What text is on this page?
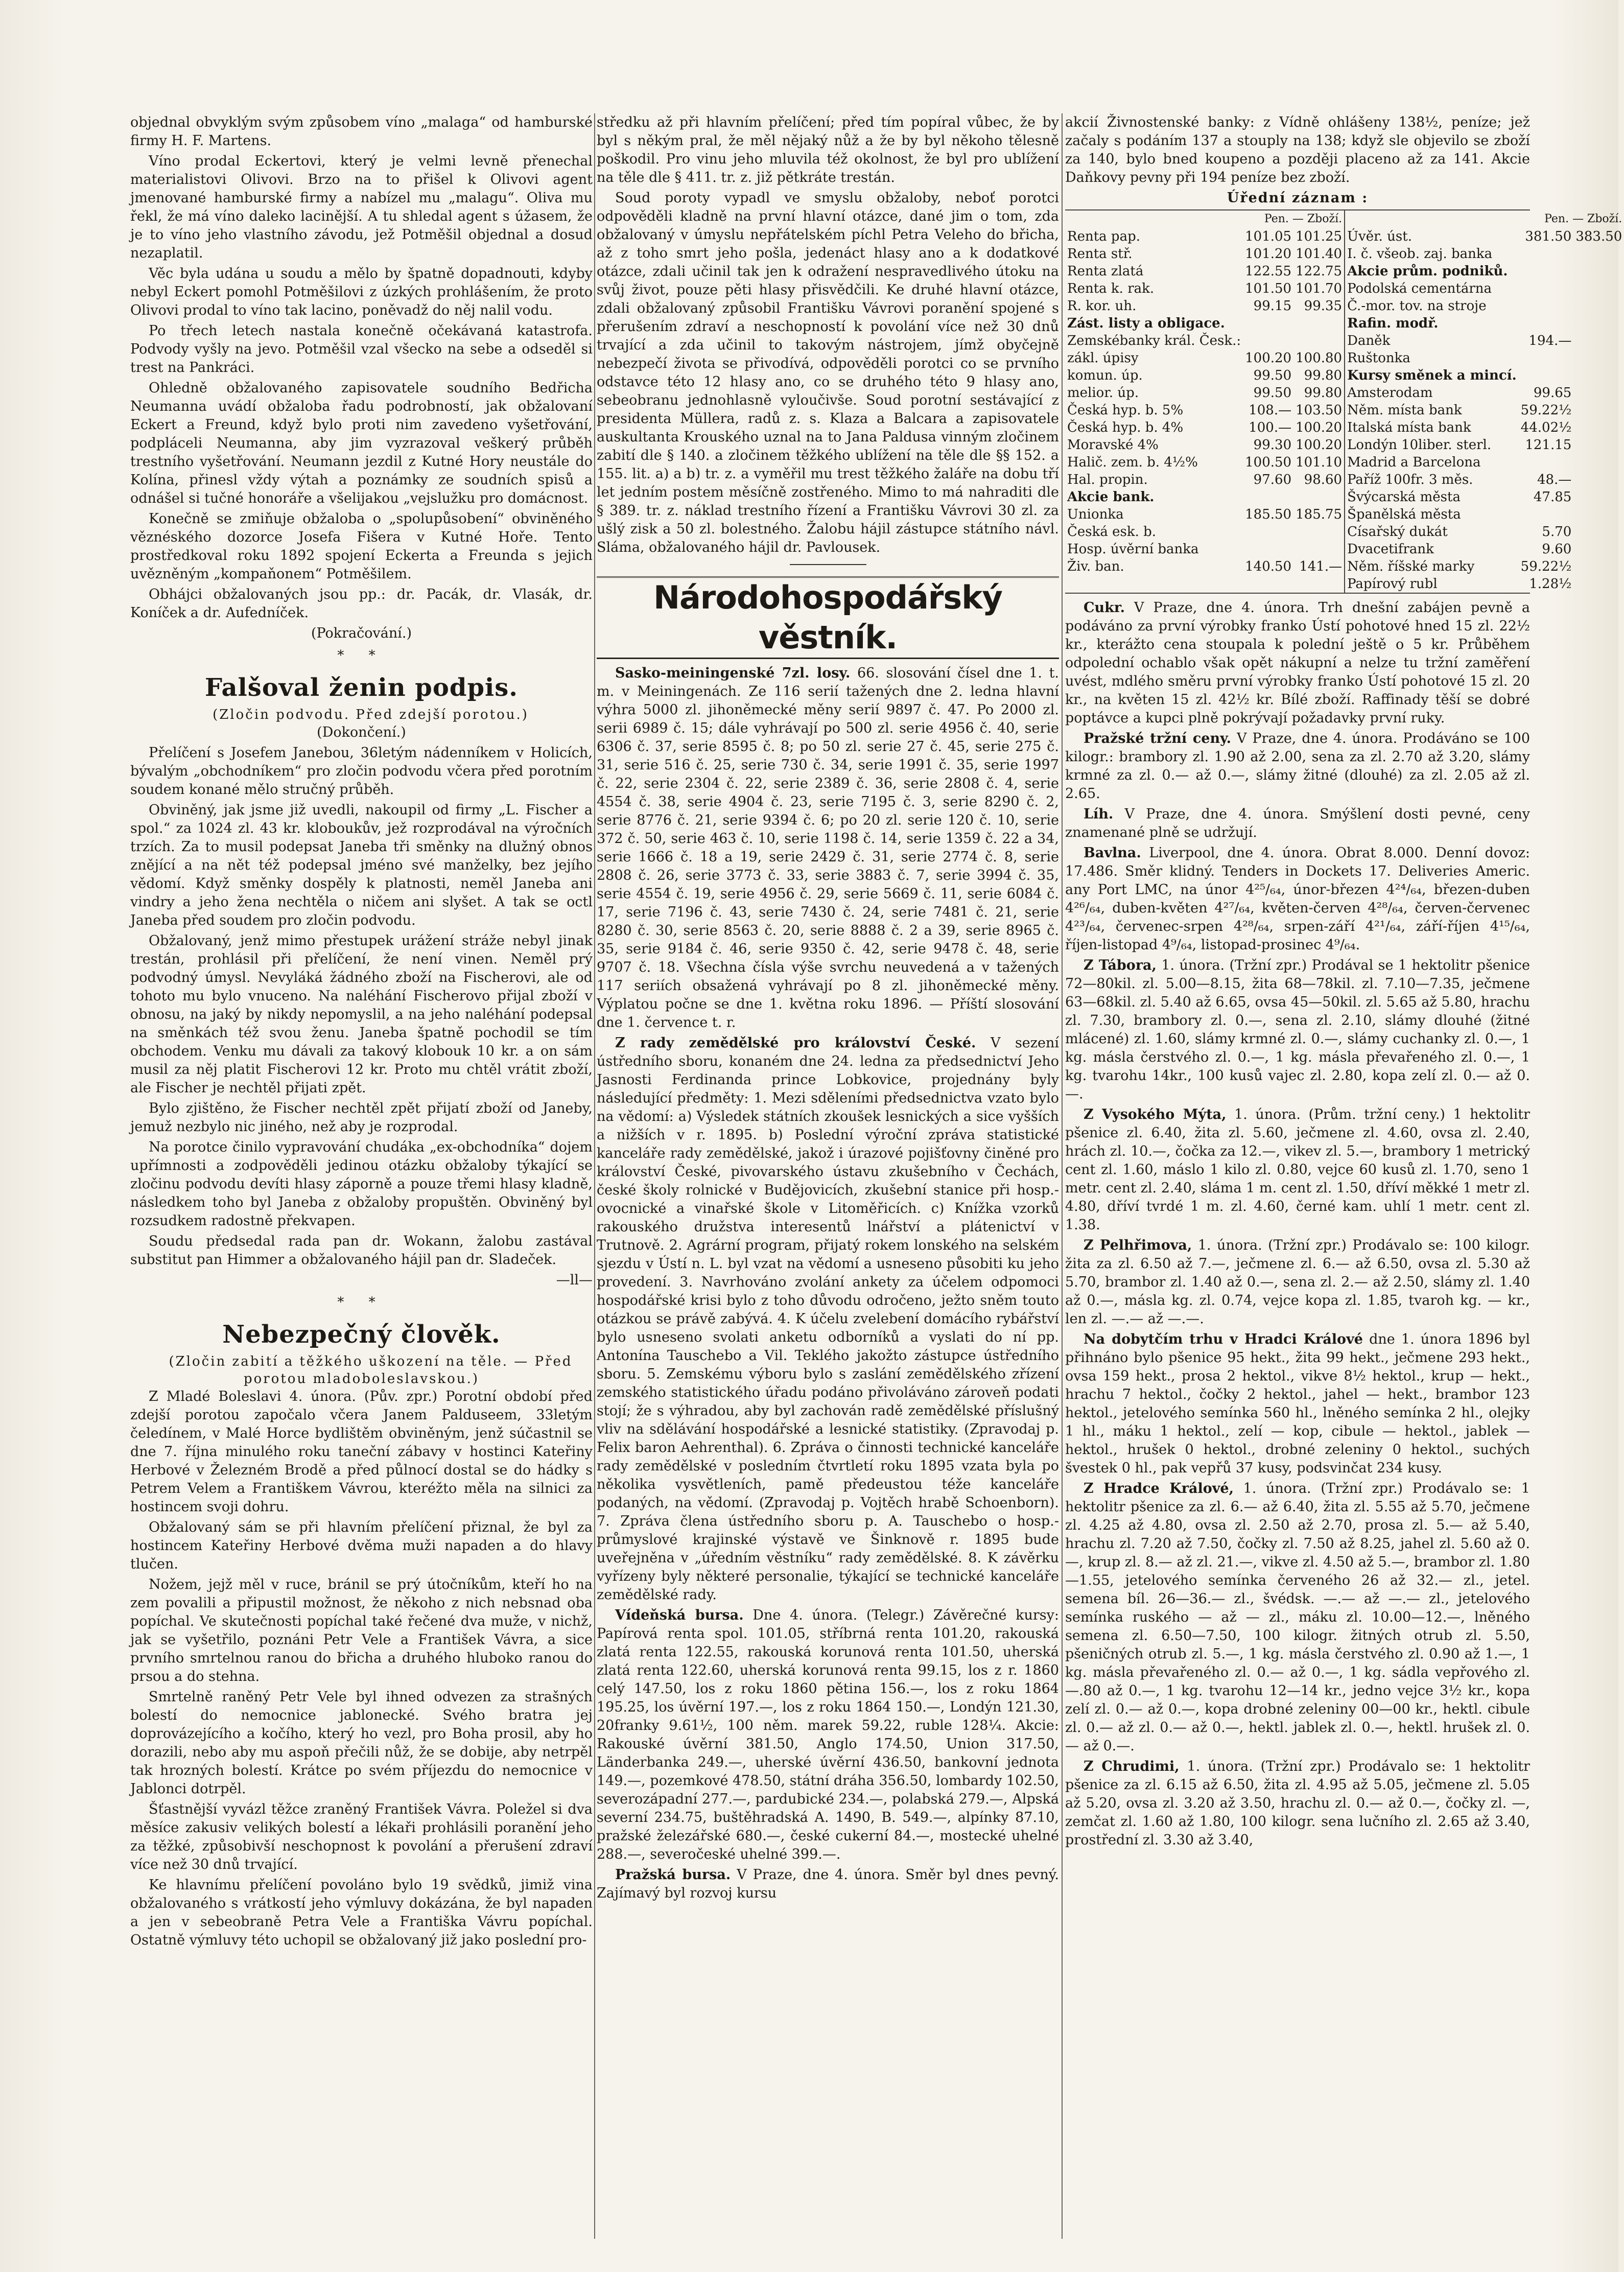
objednal obvyklým svým způsobem víno „malaga“ od hamburské firmy H. F. Martens.

Víno prodal Eckertovi, který je velmi levně přenechal materialistovi Olivovi. Brzo na to přišel k Olivovi agent jmenované hamburské firmy a nabízel mu „malagu“. Oliva mu řekl, že má víno daleko lacinější. A tu shledal agent s úžasem, že je to víno jeho vlastního závodu, jež Potměšil objednal a dosud nezaplatil.

Věc byla udána u soudu a mělo by špatně dopadnouti, kdyby nebyl Eckert pomohl Potměšilovi z úzkých prohlášením, že proto Olivovi prodal to víno tak lacino, poněvadž do něj nalil vodu.

Po třech letech nastala konečně očekávaná katastrofa. Podvody vyšly na jevo. Potměšil vzal všecko na sebe a odseděl si trest na Pankráci.

Ohledně obžalovaného zapisovatele soudního Bedřicha Neumanna uvádí obžaloba řadu podrobností, jak obžalovaní Eckert a Freund, když bylo proti nim zavedeno vyšetřování, podpláceli Neumanna, aby jim vyzrazoval veškerý průběh trestního vyšetřování. Neumann jezdil z Kutné Hory neustále do Kolína, přinesl vždy výtah a poznámky ze soudních spisů a odnášel si tučné honoráře a všelijakou „vejslužku pro domácnost.

Konečně se zmiňuje obžaloba o „spolupůsobení“ obviněného věznéského dozorce Josefa Fišera v Kutné Hoře. Tento prostředkoval roku 1892 spojení Eckerta a Freunda s jejich uvězněným „kompaňonem“ Potměšilem.

Obhájci obžalovaných jsou pp.: dr. Pacák, dr. Vlasák, dr. Koníček a dr. Aufedníček.

(Pokračování.)

* *
Falšoval ženin podpis.

(Zločin podvodu. Před zdejší porotou.)

(Dokončení.)

Přelíčení s Josefem Janebou, 36letým nádenníkem v Holicích, bývalým „obchodníkem“ pro zločin podvodu včera před porotním soudem konané mělo stručný průběh.

Obviněný, jak jsme již uvedli, nakoupil od firmy „L. Fischer a spol.“ za 1024 zl. 43 kr. kloboukův, jež rozprodával na výročních trzích. Za to musil podepsat Janeba tři směnky na dlužný obnos znějící a na nět též podepsal jméno své manželky, bez jejího vědomí. Když směnky dospěly k platnosti, neměl Janeba ani vindry a jeho žena nechtěla o ničem ani slyšet. A tak se octl Janeba před soudem pro zločin podvodu.

Obžalovaný, jenž mimo přestupek urážení stráže nebyl jinak trestán, prohlásil při přelíčení, že není vinen. Neměl prý podvodný úmysl. Nevyláká žádného zboží na Fischerovi, ale od tohoto mu bylo vnuceno. Na naléhání Fischerovo přijal zboží v obnosu, na jaký by nikdy nepomyslil, a na jeho naléhání podepsal na směnkách též svou ženu. Janeba špatně pochodil se tím obchodem. Venku mu dávali za takový klobouk 10 kr. a on sám musil za něj platit Fischerovi 12 kr. Proto mu chtěl vrátit zboží, ale Fischer je nechtěl přijati zpět.

Bylo zjištěno, že Fischer nechtěl zpět přijatí zboží od Janeby, jemuž nezbylo nic jiného, než aby je rozprodal.

Na porotce činilo vypravování chudáka „ex-obchodníka“ dojem upřímnosti a zodpověděli jedinou otázku obžaloby týkající se zločinu podvodu devíti hlasy záporně a pouze třemi hlasy kladně, následkem toho byl Janeba z obžaloby propuštěn. Obviněný byl rozsudkem radostně překvapen.

Soudu předsedal rada pan dr. Wokann, žalobu zastával substitut pan Himmer a obžalovaného hájil pan dr. Sladeček.

—ll—

* *
Nebezpečný člověk.

(Zločin zabití a těžkého uškození na těle. — Před porotou mladoboleslavskou.)

Z Mladé Boleslavi 4. února. (Pův. zpr.) Porotní období před zdejší porotou započalo včera Janem Palduseem, 33letým čeledínem, v Malé Horce bydlištěm obviněným, jenž súčastnil se dne 7. října minulého roku taneční zábavy v hostinci Kateřiny Herbové v Železném Brodě a před půlnocí dostal se do hádky s Petrem Velem a Františkem Vávrou, kteréžto měla na silnici za hostincem svoji dohru.

Obžalovaný sám se při hlavním přelíčení přiznal, že byl za hostincem Kateřiny Herbové dvěma muži napaden a do hlavy tlučen.

Nožem, jejž měl v ruce, bránil se prý útočníkům, kteří ho na zem povalili a připustil možnost, že někoho z nich nebsnad oba popíchal. Ve skutečnosti popíchal také řečené dva muže, v nichž, jak se vyšetřilo, poznáni Petr Vele a František Vávra, a sice prvního smrtelnou ranou do břicha a druhého hluboko ranou do prsou a do stehna.

Smrtelně raněný Petr Vele byl ihned odvezen za strašných bolestí do nemocnice jablonecké. Svého bratra jej doprovázejícího a kočího, který ho vezl, pro Boha prosil, aby ho dorazili, nebo aby mu aspoň přečili nůž, že se dobije, aby netrpěl tak hrozných bolestí. Krátce po svém příjezdu do nemocnice v Jablonci dotrpěl.

Šťastnější vyvázl těžce zraněný František Vávra. Poležel si dva měsíce zakusiv velikých bolestí a lékaři prohlásili poranění jeho za těžké, způsobivší neschopnost k povolání a přerušení zdraví více než 30 dnů trvající.

Ke hlavnímu přelíčení povoláno bylo 19 svědků, jimiž vina obžalovaného s vrátkostí jeho výmluvy dokázána, že byl napaden a jen v sebeobraně Petra Vele a Františka Vávru popíchal. Ostatně výmluvy této uchopil se obžalovaný již jako poslední pro-

středku až při hlavním přelíčení; před tím popíral vůbec, že by byl s někým pral, že měl nějaký nůž a že by byl někoho tělesně poškodil. Pro vinu jeho mluvila též okolnost, že byl pro ublížení na těle dle § 411. tr. z. již pětkráte trestán.

Soud poroty vypadl ve smyslu obžaloby, neboť porotci odpověděli kladně na první hlavní otázce, dané jim o tom, zda obžalovaný v úmyslu nepřátelském píchl Petra Veleho do břicha, až z toho smrt jeho pošla, jedenáct hlasy ano a k dodatkové otázce, zdali učinil tak jen k odražení nespravedlivého útoku na svůj život, pouze pěti hlasy přisvědčili. Ke druhé hlavní otázce, zdali obžalovaný způsobil Františku Vávrovi poranění spojené s přerušením zdraví a neschopností k povolání více než 30 dnů trvající a zda učinil to takovým nástrojem, jímž obyčejně nebezpečí života se přivodívá, odpověděli porotci co se prvního odstavce této 12 hlasy ano, co se druhého této 9 hlasy ano, sebeobranu jednohlasně vyloučivše. Soud porotní sestávající z presidenta Müllera, radů z. s. Klaza a Balcara a zapisovatele auskultanta Krouského uznal na to Jana Paldusa vinným zločinem zabití dle § 140. a zločinem těžkého ublížení na těle dle §§ 152. a 155. lit. a) a b) tr. z. a vyměřil mu trest těžkého žaláře na dobu tří let jedním postem měsíčně zostřeného. Mimo to má nahraditi dle § 389. tr. z. náklad trestního řízení a Františku Vávrovi 30 zl. za ušlý zisk a 50 zl. bolestného. Žalobu hájil zástupce státního návl. Sláma, obžalovaného hájil dr. Pavlousek.

Národohospodářský věstník.

Sasko-meiningenské 7zl. losy. 66. slosování čísel dne 1. t. m. v Meiningenách. Ze 116 serií tažených dne 2. ledna hlavní výhra 5000 zl. jihoněmecké měny serií 9897 č. 47. Po 2000 zl. serii 6989 č. 15; dále vyhrávají po 500 zl. serie 4956 č. 40, serie 6306 č. 37, serie 8595 č. 8; po 50 zl. serie 27 č. 45, serie 275 č. 31, serie 516 č. 25, serie 730 č. 34, serie 1991 č. 35, serie 1997 č. 22, serie 2304 č. 22, serie 2389 č. 36, serie 2808 č. 4, serie 4554 č. 38, serie 4904 č. 23, serie 7195 č. 3, serie 8290 č. 2, serie 8776 č. 21, serie 9394 č. 6; po 20 zl. serie 120 č. 10, serie 372 č. 50, serie 463 č. 10, serie 1198 č. 14, serie 1359 č. 22 a 34, serie 1666 č. 18 a 19, serie 2429 č. 31, serie 2774 č. 8, serie 2808 č. 26, serie 3773 č. 33, serie 3883 č. 7, serie 3994 č. 35, serie 4554 č. 19, serie 4956 č. 29, serie 5669 č. 11, serie 6084 č. 17, serie 7196 č. 43, serie 7430 č. 24, serie 7481 č. 21, serie 8280 č. 30, serie 8563 č. 20, serie 8888 č. 2 a 39, serie 8965 č. 35, serie 9184 č. 46, serie 9350 č. 42, serie 9478 č. 48, serie 9707 č. 18. Všechna čísla výše svrchu neuvedená a v tažených 117 seriích obsažená vyhrávají po 8 zl. jihoněmecké měny. Výplatou počne se dne 1. května roku 1896. — Příští slosování dne 1. července t. r.

Z rady zemědělské pro království České. V sezení ústředního sboru, konaném dne 24. ledna za předsednictví Jeho Jasnosti Ferdinanda prince Lobkovice, projednány byly následující předměty: 1. Mezi sděleními předsednictva vzato bylo na vědomí: a) Výsledek státních zkoušek lesnických a sice vyšších a nižších v r. 1895. b) Poslední výroční zpráva statistické kanceláře rady zemědělské, jakož i úrazové pojišťovny činěné pro království České, pivovarského ústavu zkušebního v Čechách, české školy rolnické v Budějovicích, zkušební stanice při hosp.-ovocnické a vinařské škole v Litoměřicích. c) Knížka vzorků rakouského družstva interesentů lnářství a plátenictví v Trutnově. 2. Agrární program, přijatý rokem lonského na selském sjezdu v Ústí n. L. byl vzat na vědomí a usneseno působiti ku jeho provedení. 3. Navrhováno zvolání ankety za účelem odpomoci hospodářské krisi bylo z toho důvodu odročeno, ježto sněm touto otázkou se právě zabývá. 4. K účelu zvelebení domácího rybářství bylo usneseno svolati anketu odborníků a vyslati do ní pp. Antonína Tauschebo a Vil. Teklého jakožto zástupce ústředního sboru. 5. Zemskému výboru bylo s zaslání zemědělského zřízení zemského statistického úřadu podáno přivoláváno zároveň podati stojí; že s výhradou, aby byl zachován radě zemědělské příslušný vliv na sdělávání hospodářské a lesnické statistiky. (Zpravodaj p. Felix baron Aehrenthal). 6. Zpráva o činnosti technické kanceláře rady zemědělské v posledním čtvrtletí roku 1895 vzata byla po několika vysvětleních, pamě předeustou téže kanceláře podaných, na vědomí. (Zpravodaj p. Vojtěch hrabě Schoenborn). 7. Zpráva člena ústředního sboru p. A. Tauschebo o hosp.-průmyslové krajinské výstavě ve Šinknově r. 1895 bude uveřejněna v „úředním věstníku“ rady zemědělské. 8. K závěrku vyřízeny byly některé personalie, týkající se technické kanceláře zemědělské rady.

Vídeňská bursa. Dne 4. února. (Telegr.) Závěrečné kursy: Papírová renta spol. 101.05, stříbrná renta 101.20, rakouská zlatá renta 122.55, rakouská korunová renta 101.50, uherská zlatá renta 122.60, uherská korunová renta 99.15, los z r. 1860 celý 147.50, los z roku 1860 pětina 156.—, los z roku 1864 195.25, los úvěrní 197.—, los z roku 1864 150.—, Londýn 121.30, 20franky 9.61½, 100 něm. marek 59.22, ruble 128¼. Akcie: Rakouské úvěrní 381.50, Anglo 174.50, Union 317.50, Länderbanka 249.—, uherské úvěrní 436.50, bankovní jednota 149.—, pozemkové 478.50, státní dráha 356.50, lombardy 102.50, severozápadní 277.—, pardubické 234.—, polabská 279.—, Alpská severní 234.75, buštěhradská A. 1490, B. 549.—, alpínky 87.10, pražské železářské 680.—, české cukerní 84.—, mostecké uhelné 288.—, severočeské uhelné 399.—.

Pražská bursa. V Praze, dne 4. února. Směr byl dnes pevný. Zajímavý byl rozvoj kursu

akcií Živnostenské banky: z Vídně ohlášeny 138½, peníze; jež začaly s podáním 137 a stouply na 138; když sle objevilo se zboží za 140, bylo bned koupeno a později placeno až za 141. Akcie Daňkovy pevny při 194 peníze bez zboží.

Úřední záznam :
	Pen. — Zboží.	
Renta pap.	101.05	101.25
Renta stř.	101.20	101.40
Renta zlatá	122.55	122.75
Renta k. rak.	101.50	101.70
R. kor. uh.	99.15	99.35
Zást. listy a obligace.		
Zemskébanky král. Česk.:		
zákl. úpisy	100.20	100.80
komun. úp.	99.50	99.80
melior. úp.	99.50	99.80
Česká hyp. b. 5%	108.—	103.50
Česká hyp. b. 4%	100.—	100.20
Moravské 4%	99.30	100.20
Halič. zem. b. 4½%	100.50	101.10
Hal. propin.	97.60	98.60
Akcie bank.		
Unionka	185.50	185.75
Česká esk. b.		
Hosp. úvěrní banka		
Živ. ban.	140.50	141.—
	Pen. — Zboží.	
Úvěr. úst.	381.50	383.50
I. č. všeob. zaj. banka		
Akcie prům. podniků.		
Podolská cementárna		
Č.-mor. tov. na stroje		
Rafin. modř.		
Daněk	194.—	
Ruštonka		
Kursy směnek a mincí.		
Amsterodam	99.65	
Něm. místa bank	59.22½	
Italská místa bank	44.02½	
Londýn 10liber. sterl.	121.15	
Madrid a Barcelona		
Paříž 100fr. 3 měs.	48.—	
Švýcarská města	47.85	
Španělská města		
Císařský dukát	5.70	
Dvacetifrank	9.60	
Něm. říšské marky	59.22½	
Papírový rubl	1.28½	

Cukr. V Praze, dne 4. února. Trh dnešní zabájen pevně a podáváno za první výrobky franko Ústí pohotové hned 15 zl. 22½ kr., kterážto cena stoupala k polední ještě o 5 kr. Průběhem odpolední ochablo však opět nákupní a nelze tu tržní zaměření uvést, mdlého směru první výrobky franko Ústí pohotové 15 zl. 20 kr., na květen 15 zl. 42½ kr. Bílé zboží. Raffinady těší se dobré poptávce a kupci plně pokrývají požadavky první ruky.

Pražské tržní ceny. V Praze, dne 4. února. Prodáváno se 100 kilogr.: brambory zl. 1.90 až 2.00, sena za zl. 2.70 až 3.20, slámy krmné za zl. 0.— až 0.—, slámy žitné (dlouhé) za zl. 2.05 až zl. 2.65.

Líh. V Praze, dne 4. února. Smýšlení dosti pevné, ceny znamenané plně se udržují.

Bavlna. Liverpool, dne 4. února. Obrat 8.000. Denní dovoz: 17.486. Směr klidný. Tenders in Dockets 17. Deliveries Americ. any Port LMC, na únor 4²⁵/₆₄, únor-březen 4²⁴/₆₄, březen-duben 4²⁶/₆₄, duben-květen 4²⁷/₆₄, květen-červen 4²⁸/₆₄, červen-červenec 4²³/₆₄, červenec-srpen 4²⁸/₆₄, srpen-září 4²¹/₆₄, září-říjen 4¹⁵/₆₄, říjen-listopad 4⁹/₆₄, listopad-prosinec 4⁹/₆₄.

Z Tábora, 1. února. (Tržní zpr.) Prodával se 1 hektolitr pšenice 72—80kil. zl. 5.00—8.15, žita 68—78kil. zl. 7.10—7.35, ječmene 63—68kil. zl. 5.40 až 6.65, ovsa 45—50kil. zl. 5.65 až 5.80, hrachu zl. 7.30, brambory zl. 0.—, sena zl. 2.10, slámy dlouhé (žitné mlácené) zl. 1.60, slámy krmné zl. 0.—, slámy cuchanky zl. 0.—, 1 kg. másla čerstvého zl. 0.—, 1 kg. másla převařeného zl. 0.—, 1 kg. tvarohu 14kr., 100 kusů vajec zl. 2.80, kopa zelí zl. 0.— až 0.—.

Z Vysokého Mýta, 1. února. (Prům. tržní ceny.) 1 hektolitr pšenice zl. 6.40, žita zl. 5.60, ječmene zl. 4.60, ovsa zl. 2.40, hrách zl. 10.—, čočka za 12.—, vikev zl. 5.—, brambory 1 metrický cent zl. 1.60, máslo 1 kilo zl. 0.80, vejce 60 kusů zl. 1.70, seno 1 metr. cent zl. 2.40, sláma 1 m. cent zl. 1.50, dříví měkké 1 metr zl. 4.80, dříví tvrdé 1 m. zl. 4.60, černé kam. uhlí 1 metr. cent zl. 1.38.

Z Pelhřimova, 1. února. (Tržní zpr.) Prodávalo se: 100 kilogr. žita za zl. 6.50 až 7.—, ječmene zl. 6.— až 6.50, ovsa zl. 5.30 až 5.70, brambor zl. 1.40 až 0.—, sena zl. 2.— až 2.50, slámy zl. 1.40 až 0.—, másla kg. zl. 0.74, vejce kopa zl. 1.85, tvaroh kg. — kr., len zl. —.— až —.—.

Na dobytčím trhu v Hradci Králové dne 1. února 1896 byl přihnáno bylo pšenice 95 hekt., žita 99 hekt., ječmene 293 hekt., ovsa 159 hekt., prosa 2 hektol., vikve 8½ hektol., krup — hekt., hrachu 7 hektol., čočky 2 hektol., jahel — hekt., brambor 123 hektol., jetelového semínka 560 hl., lněného semínka 2 hl., olejky 1 hl., máku 1 hektol., zelí — kop, cibule — hektol., jablek — hektol., hrušek 0 hektol., drobné zeleniny 0 hektol., suchých švestek 0 hl., pak vepřů 37 kusy, podsvinčat 234 kusy.

Z Hradce Králové, 1. února. (Tržní zpr.) Prodávalo se: 1 hektolitr pšenice za zl. 6.— až 6.40, žita zl. 5.55 až 5.70, ječmene zl. 4.25 až 4.80, ovsa zl. 2.50 až 2.70, prosa zl. 5.— až 5.40, hrachu zl. 7.20 až 7.50, čočky zl. 7.50 až 8.25, jahel zl. 5.60 až 0.—, krup zl. 8.— až zl. 21.—, vikve zl. 4.50 až 5.—, brambor zl. 1.80—1.55, jetelového semínka červeného 26 až 32.— zl., jetel. semena bíl. 26—36.— zl., švédsk. —.— až —.— zl., jetelového semínka ruského — až — zl., máku zl. 10.00—12.—, lněného semena zl. 6.50—7.50, 100 kilogr. žitných otrub zl. 5.50, pšeničných otrub zl. 5.—, 1 kg. másla čerstvého zl. 0.90 až 1.—, 1 kg. másla převařeného zl. 0.— až 0.—, 1 kg. sádla vepřového zl. —.80 až 0.—, 1 kg. tvarohu 12—14 kr., jedno vejce 3½ kr., kopa zelí zl. 0.— až 0.—, kopa drobné zeleniny 00—00 kr., hektl. cibule zl. 0.— až zl. 0.— až 0.—, hektl. jablek zl. 0.—, hektl. hrušek zl. 0.— až 0.—.

Z Chrudimi, 1. února. (Tržní zpr.) Prodávalo se: 1 hektolitr pšenice za zl. 6.15 až 6.50, žita zl. 4.95 až 5.05, ječmene zl. 5.05 až 5.20, ovsa zl. 3.20 až 3.50, hrachu zl. 0.— až 0.—, čočky zl. —, zemčat zl. 1.60 až 1.80, 100 kilogr. sena lučního zl. 2.65 až 3.40, prostřední zl. 3.30 až 3.40,
